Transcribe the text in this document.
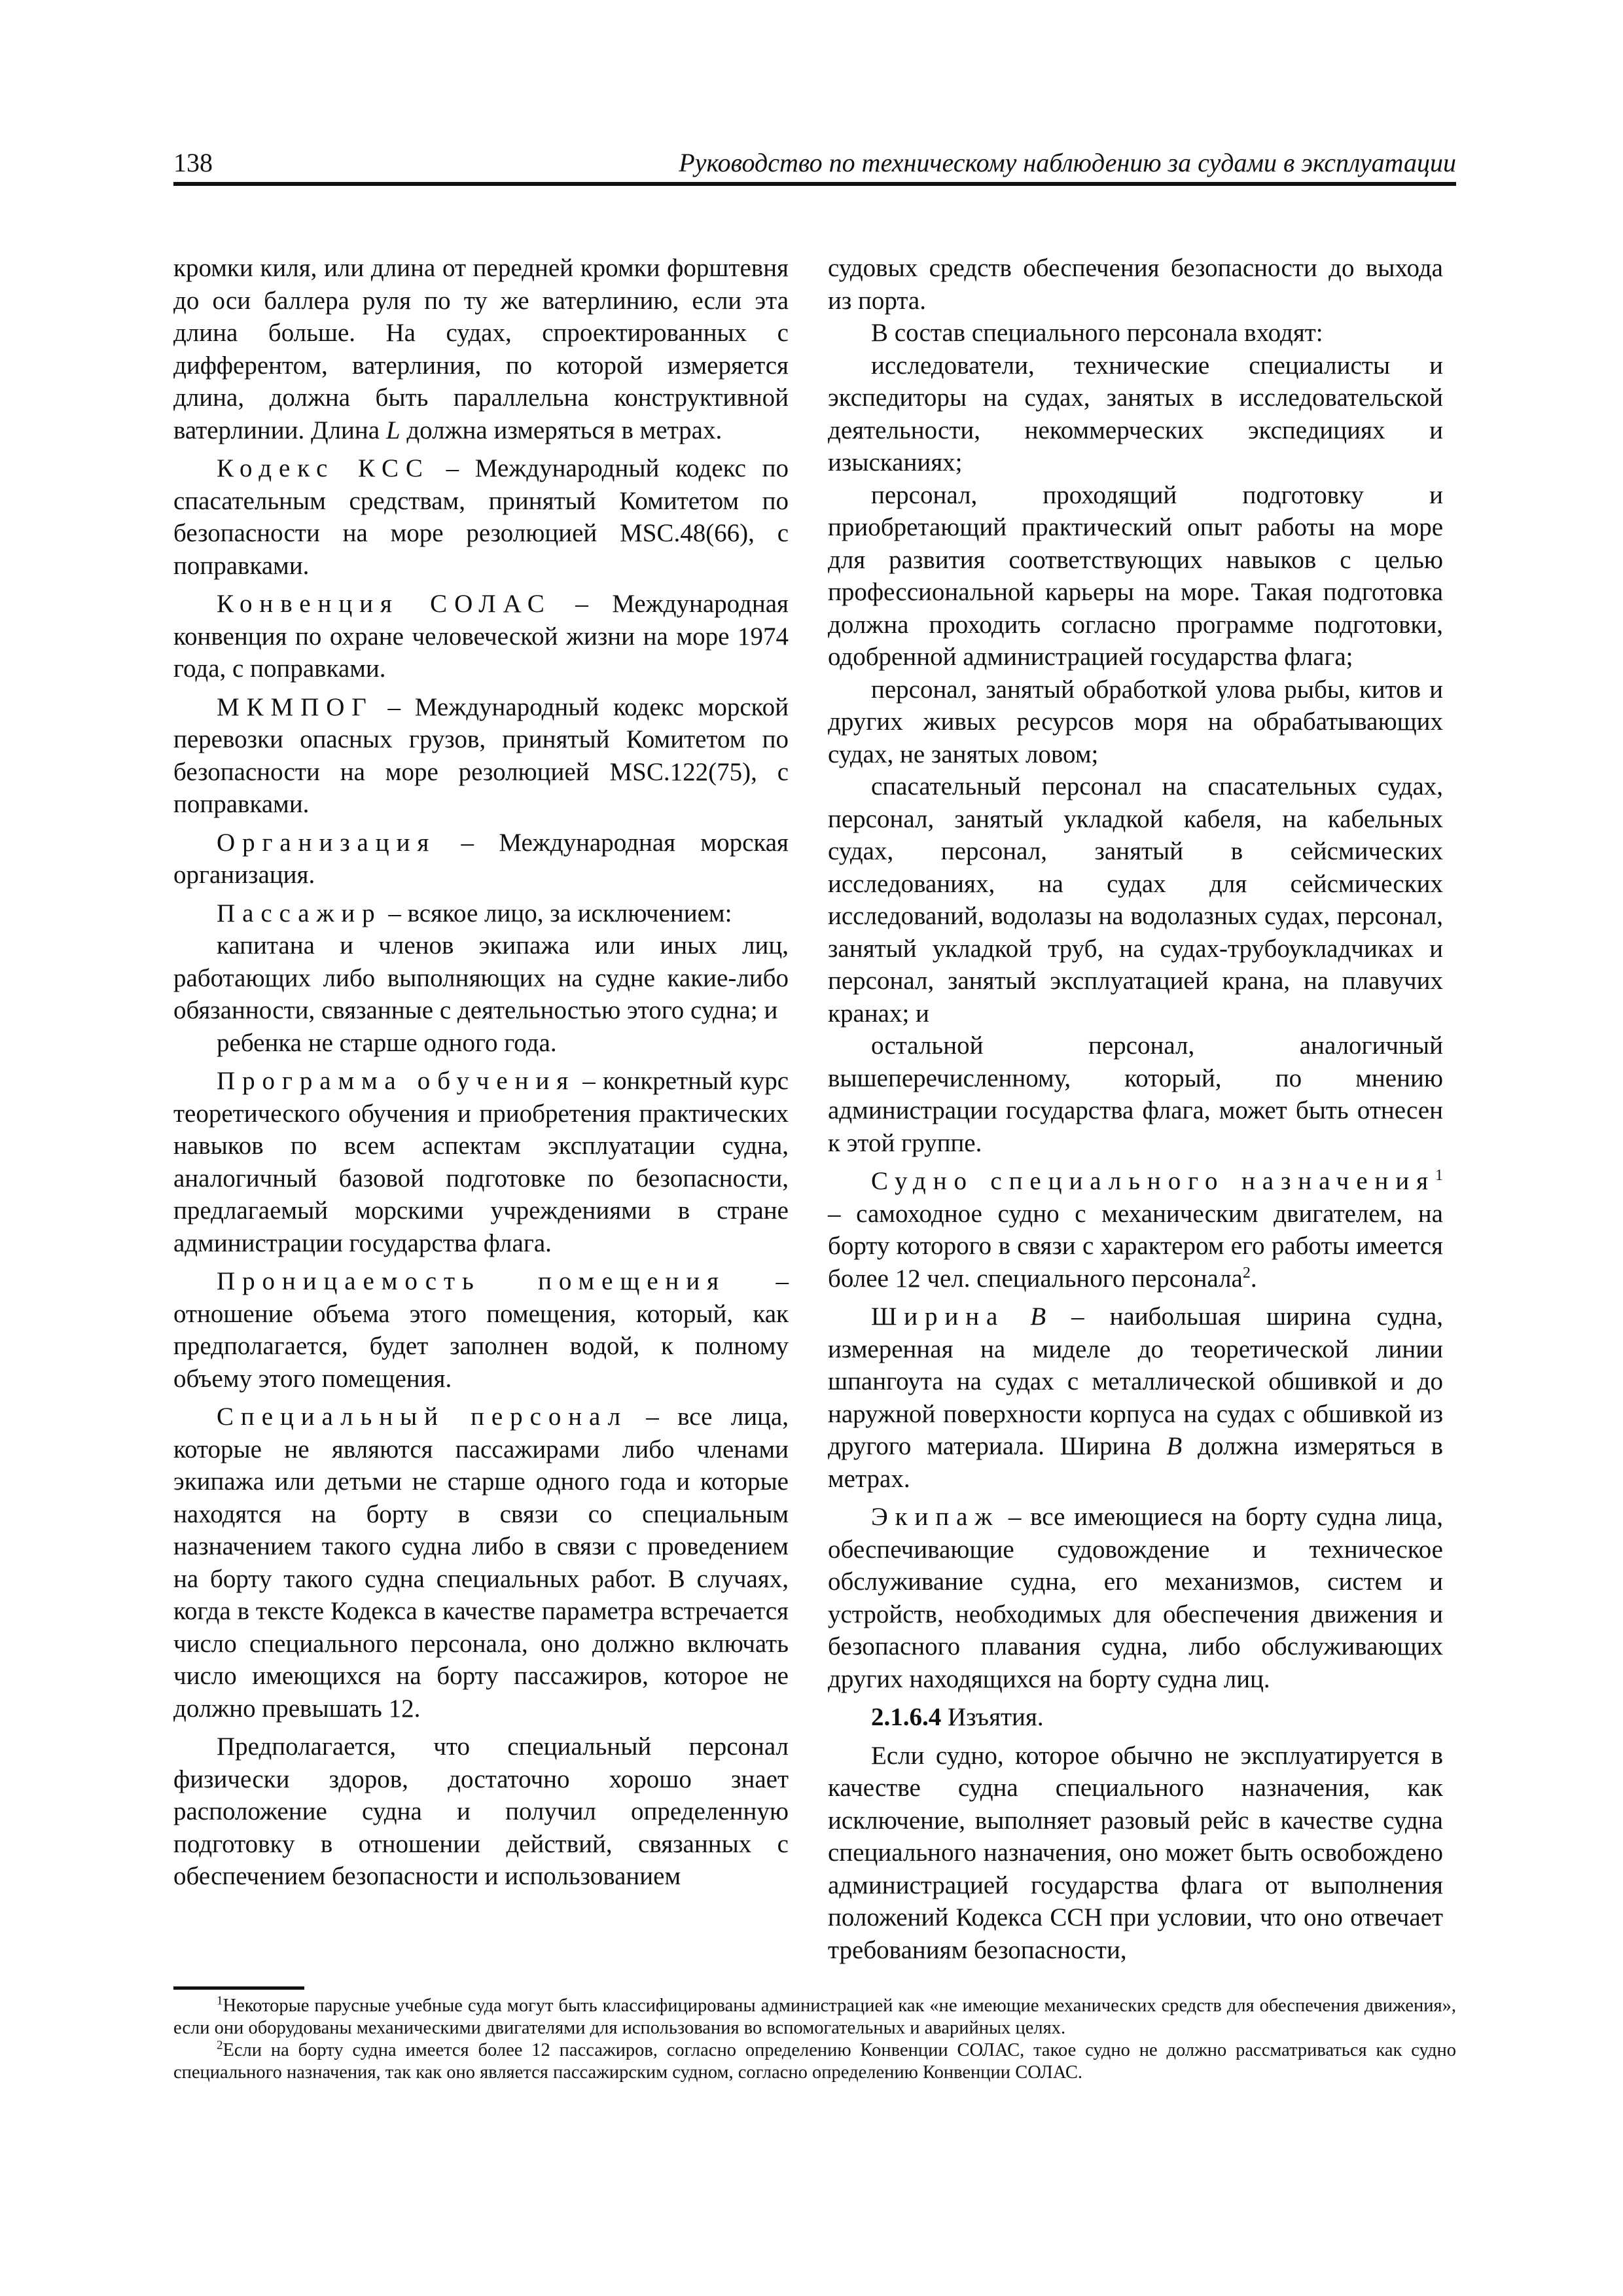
138	Руководство по техническому наблюдению за судами в эксплуатации

кромки киля, или длина от передней кромки форштевня до оси баллера руля по ту же ватерлинию, если эта длина больше. На судах, спроектированных с дифферентом, ватерлиния, по которой измеряется длина, должна быть параллельна конструктивной ватерлинии. Длина L должна измеряться в метрах.

Кодекс КСС – Международный кодекс по спасательным средствам, принятый Комитетом по безопасности на море резолюцией MSC.48(66), с поправками.

Конвенция СОЛАС – Международная конвенция по охране человеческой жизни на море 1974 года, с поправками.

МКМПОГ – Международный кодекс морской перевозки опасных грузов, принятый Комитетом по безопасности на море резолюцией MSC.122(75), с поправками.

Организация – Международная морская организация.

Пассажир – всякое лицо, за исключением:

капитана и членов экипажа или иных лиц, работающих либо выполняющих на судне какие-либо обязанности, связанные с деятельностью этого судна; и

ребенка не старше одного года.

Программа обучения – конкретный курс теоретического обучения и приобретения практических навыков по всем аспектам эксплуатации судна, аналогичный базовой подготовке по безопасности, предлагаемый морскими учреждениями в стране администрации государства флага.

Проницаемость помещения – отношение объема этого помещения, который, как предполагается, будет заполнен водой, к полному объему этого помещения.

Специальный персонал – все лица, которые не являются пассажирами либо членами экипажа или детьми не старше одного года и которые находятся на борту в связи со специальным назначением такого судна либо в связи с проведением на борту такого судна специальных работ. В случаях, когда в тексте Кодекса в качестве параметра встречается число специального персонала, оно должно включать число имеющихся на борту пассажиров, которое не должно превышать 12.

Предполагается, что специальный персонал физически здоров, достаточно хорошо знает расположение судна и получил определенную подготовку в отношении действий, связанных с обеспечением безопасности и использованием

судовых средств обеспечения безопасности до выхода из порта.

В состав специального персонала входят:

исследователи, технические специалисты и экспедиторы на судах, занятых в исследовательской деятельности, некоммерческих экспедициях и изысканиях;

персонал, проходящий подготовку и приобретающий практический опыт работы на море для развития соответствующих навыков с целью профессиональной карьеры на море. Такая подготовка должна проходить согласно программе подготовки, одобренной администрацией государства флага;

персонал, занятый обработкой улова рыбы, китов и других живых ресурсов моря на обрабатывающих судах, не занятых ловом;

спасательный персонал на спасательных судах, персонал, занятый укладкой кабеля, на кабельных судах, персонал, занятый в сейсмических исследованиях, на судах для сейсмических исследований, водолазы на водолазных судах, персонал, занятый укладкой труб, на судах-трубоукладчиках и персонал, занятый эксплуатацией крана, на плавучих кранах; и

остальной персонал, аналогичный вышеперечисленному, который, по мнению администрации государства флага, может быть отнесен к этой группе.

Судно специального назначения$^1$ – самоходное судно с механическим двигателем, на борту которого в связи с характером его работы имеется более 12 чел. специального персонала$^2$.

Ширина B – наибольшая ширина судна, измеренная на миделе до теоретической линии шпангоута на судах с металлической обшивкой и до наружной поверхности корпуса на судах с обшивкой из другого материала. Ширина B должна измеряться в метрах.

Экипаж – все имеющиеся на борту судна лица, обеспечивающие судовождение и техническое обслуживание судна, его механизмов, систем и устройств, необходимых для обеспечения движения и безопасного плавания судна, либо обслуживающих других находящихся на борту судна лиц.

2.1.6.4 Изъятия.

Если судно, которое обычно не эксплуатируется в качестве судна специального назначения, как исключение, выполняет разовый рейс в качестве судна специального назначения, оно может быть освобождено администрацией государства флага от выполнения положений Кодекса ССН при условии, что оно отвечает требованиям безопасности,

$^1$Некоторые парусные учебные суда могут быть классифицированы администрацией как «не имеющие механических средств для обеспечения движения», если они оборудованы механическими двигателями для использования во вспомогательных и аварийных целях.

$^2$Если на борту судна имеется более 12 пассажиров, согласно определению Конвенции СОЛАС, такое судно не должно рассматриваться как судно специального назначения, так как оно является пассажирским судном, согласно определению Конвенции СОЛАС.
